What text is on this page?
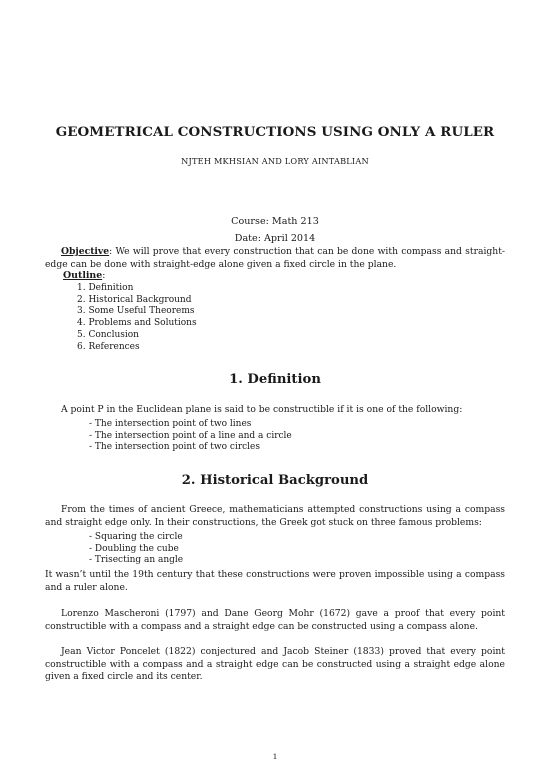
GEOMETRICAL CONSTRUCTIONS USING ONLY A RULER
NJTEH MKHSIAN AND LORY AINTABLIAN
Course: Math 213
Date: April 2014
Objective: We will prove that every construction that can be done with compass and straight-edge can be done with straight-edge alone given a fixed circle in the plane.
Outline:
1. Definition
2. Historical Background
3. Some Useful Theorems
4. Problems and Solutions
5. Conclusion
6. References
1. Definition
A point P in the Euclidean plane is said to be constructible if it is one of the following:
- The intersection point of two lines
- The intersection point of a line and a circle
- The intersection point of two circles
2. Historical Background
From the times of ancient Greece, mathematicians attempted constructions using a compass and straight edge only. In their constructions, the Greek got stuck on three famous problems:
- Squaring the circle
- Doubling the cube
- Trisecting an angle
It wasn’t until the 19th century that these constructions were proven impossible using a compass and a ruler alone.
Lorenzo Mascheroni (1797) and Dane Georg Mohr (1672) gave a proof that every point constructible with a compass and a straight edge can be constructed using a compass alone.
Jean Victor Poncelet (1822) conjectured and Jacob Steiner (1833) proved that every point constructible with a compass and a straight edge can be constructed using a straight edge alone given a fixed circle and its center.
1
